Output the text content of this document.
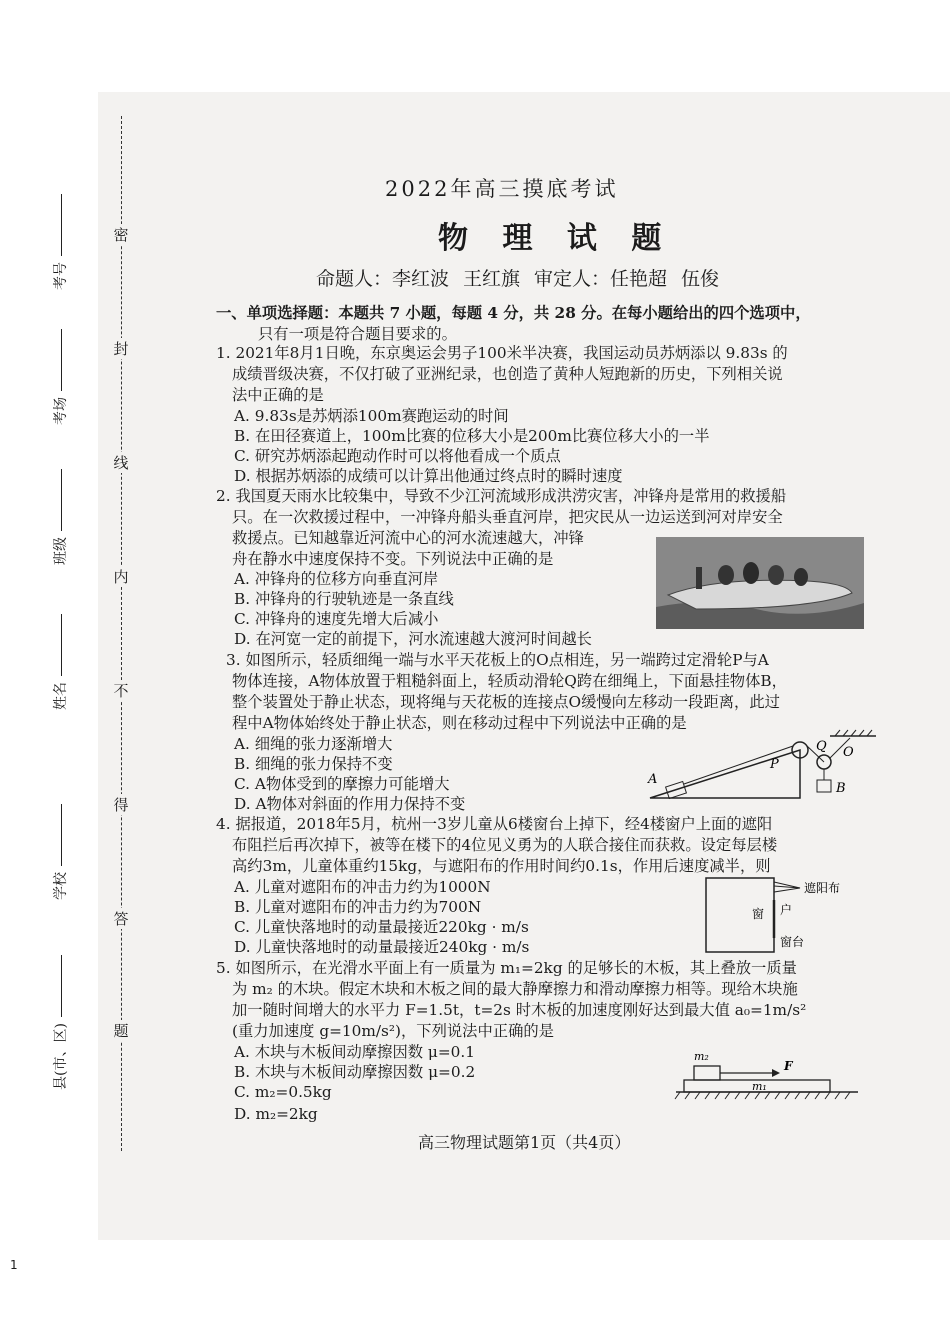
密
封
线
内
不
得
答
题
考号
考场
班级
姓名
学校
县(市、区)
2022年高三摸底考试
物 理 试 题
命题人：李红波 王红旗 审定人：任艳超 伍俊
一、单项选择题：本题共 7 小题，每题 4 分，共 28 分。在每小题给出的四个选项中，
只有一项是符合题目要求的。
1. 2021年8月1日晚，东京奥运会男子100米半决赛，我国运动员苏炳添以 9.83s 的
成绩晋级决赛，不仅打破了亚洲纪录，也创造了黄种人短跑新的历史，下列相关说
法中正确的是
A. 9.83s是苏炳添100m赛跑运动的时间
B. 在田径赛道上，100m比赛的位移大小是200m比赛位移大小的一半
C. 研究苏炳添起跑动作时可以将他看成一个质点
D. 根据苏炳添的成绩可以计算出他通过终点时的瞬时速度
2. 我国夏天雨水比较集中，导致不少江河流域形成洪涝灾害，冲锋舟是常用的救援船
只。在一次救援过程中，一冲锋舟船头垂直河岸，把灾民从一边运送到河对岸安全
救援点。已知越靠近河流中心的河水流速越大，冲锋
舟在静水中速度保持不变。下列说法中正确的是
A. 冲锋舟的位移方向垂直河岸
B. 冲锋舟的行驶轨迹是一条直线
C. 冲锋舟的速度先增大后减小
D. 在河宽一定的前提下，河水流速越大渡河时间越长
3. 如图所示，轻质细绳一端与水平天花板上的O点相连，另一端跨过定滑轮P与A
物体连接，A物体放置于粗糙斜面上，轻质动滑轮Q跨在细绳上，下面悬挂物体B，
整个装置处于静止状态，现将绳与天花板的连接点O缓慢向左移动一段距离，此过
程中A物体始终处于静止状态，则在移动过程中下列说法中正确的是
A. 细绳的张力逐渐增大
B. 细绳的张力保持不变
C. A物体受到的摩擦力可能增大
D. A物体对斜面的作用力保持不变
A
P
Q O
B
4. 据报道，2018年5月，杭州一3岁儿童从6楼窗台上掉下，经4楼窗户上面的遮阳
布阻拦后再次掉下，被等在楼下的4位见义勇为的人联合接住而获救。设定每层楼
高约3m，儿童体重约15kg，与遮阳布的作用时间约0.1s，作用后速度减半，则
A. 儿童对遮阳布的冲击力约为1000N
B. 儿童对遮阳布的冲击力约为700N
C. 儿童快落地时的动量最接近220kg · m/s
D. 儿童快落地时的动量最接近240kg · m/s
遮阳布
窗 户
窗台
5. 如图所示，在光滑水平面上有一质量为 m₁=2kg 的足够长的木板，其上叠放一质量
为 m₂ 的木块。假定木块和木板之间的最大静摩擦力和滑动摩擦力相等。现给木块施
加一随时间增大的水平力 F=1.5t，t=2s 时木板的加速度刚好达到最大值 a₀=1m/s²
(重力加速度 g=10m/s²)，下列说法中正确的是
A. 木块与木板间动摩擦因数 μ=0.1
B. 木块与木板间动摩擦因数 μ=0.2
C. m₂=0.5kg
D. m₂=2kg
m₂
F
m₁
高三物理试题第1页（共4页）
1
